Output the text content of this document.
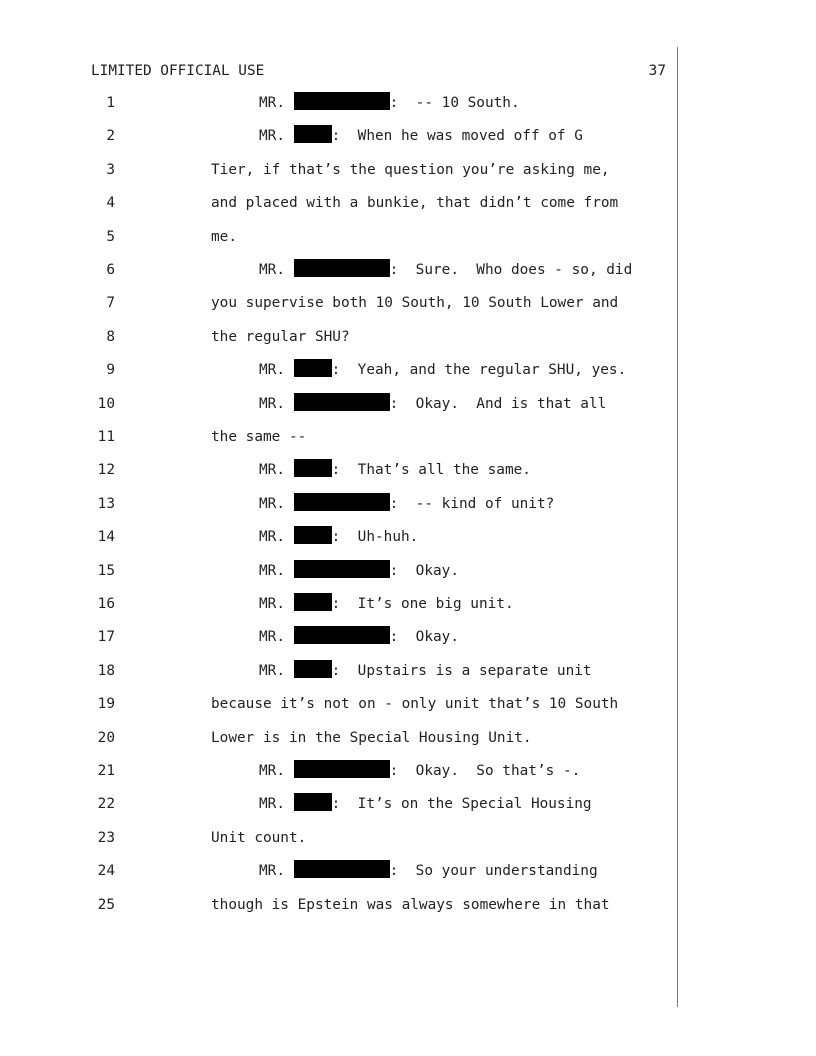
LIMITED OFFICIAL USE	37
1	MR.	:  -- 10 South.
2	MR.	:  When he was moved off of G
3	Tier, if that’s the question you’re asking me,
4	and placed with a bunkie, that didn’t come from
5	me.
6	MR.	:  Sure.  Who does - so, did
7	you supervise both 10 South, 10 South Lower and
8	the regular SHU?
9	MR.	:  Yeah, and the regular SHU, yes.
10	MR.	:  Okay.  And is that all
11	the same --
12	MR.	:  That’s all the same.
13	MR.	:  -- kind of unit?
14	MR.	:  Uh-huh.
15	MR.	:  Okay.
16	MR.	:  It’s one big unit.
17	MR.	:  Okay.
18	MR.	:  Upstairs is a separate unit
19	because it’s not on - only unit that’s 10 South
20	Lower is in the Special Housing Unit.
21	MR.	:  Okay.  So that’s -.
22	MR.	:  It’s on the Special Housing
23	Unit count.
24	MR.	:  So your understanding
25	though is Epstein was always somewhere in that
